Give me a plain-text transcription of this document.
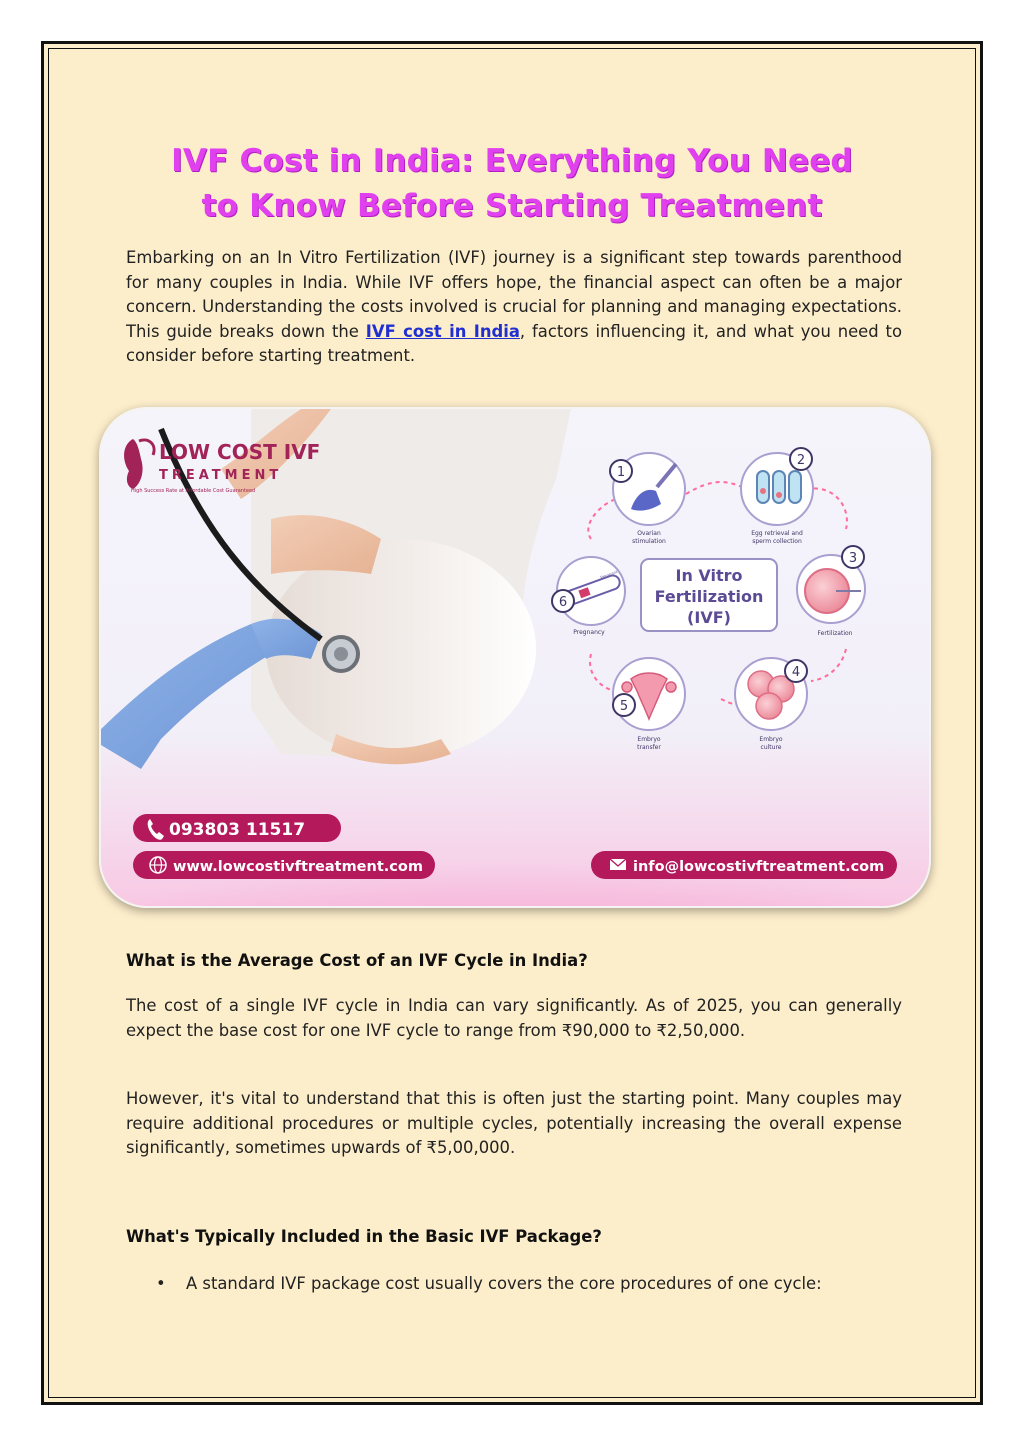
IVF Cost in India: Everything You Need
to Know Before Starting Treatment

Embarking on an In Vitro Fertilization (IVF) journey is a significant step towards parenthood for many couples in India. While IVF offers hope, the financial aspect can often be a major concern. Understanding the costs involved is crucial for planning and managing expectations. This guide breaks down the IVF cost in India, factors influencing it, and what you need to consider before starting treatment.

LOW COST IVF
TREATMENT
High Success Rate at Affordable Cost Guaranteed
In Vitro
Fertilization
(IVF)
1
Ovarian
stimulation
2
Egg retrieval and
sperm collection
3
Fertilization
4
Embryo
culture
5
Embryo
transfer
Pregnant
6
Pregnancy
093803 11517
www.lowcostivftreatment.com	info@lowcostivftreatment.com
What is the Average Cost of an IVF Cycle in India?

The cost of a single IVF cycle in India can vary significantly. As of 2025, you can generally expect the base cost for one IVF cycle to range from ₹90,000 to ₹2,50,000.

However, it's vital to understand that this is often just the starting point. Many couples may require additional procedures or multiple cycles, potentially increasing the overall expense significantly, sometimes upwards of ₹5,00,000.

What's Typically Included in the Basic IVF Package?
• A standard IVF package cost usually covers the core procedures of one cycle:
